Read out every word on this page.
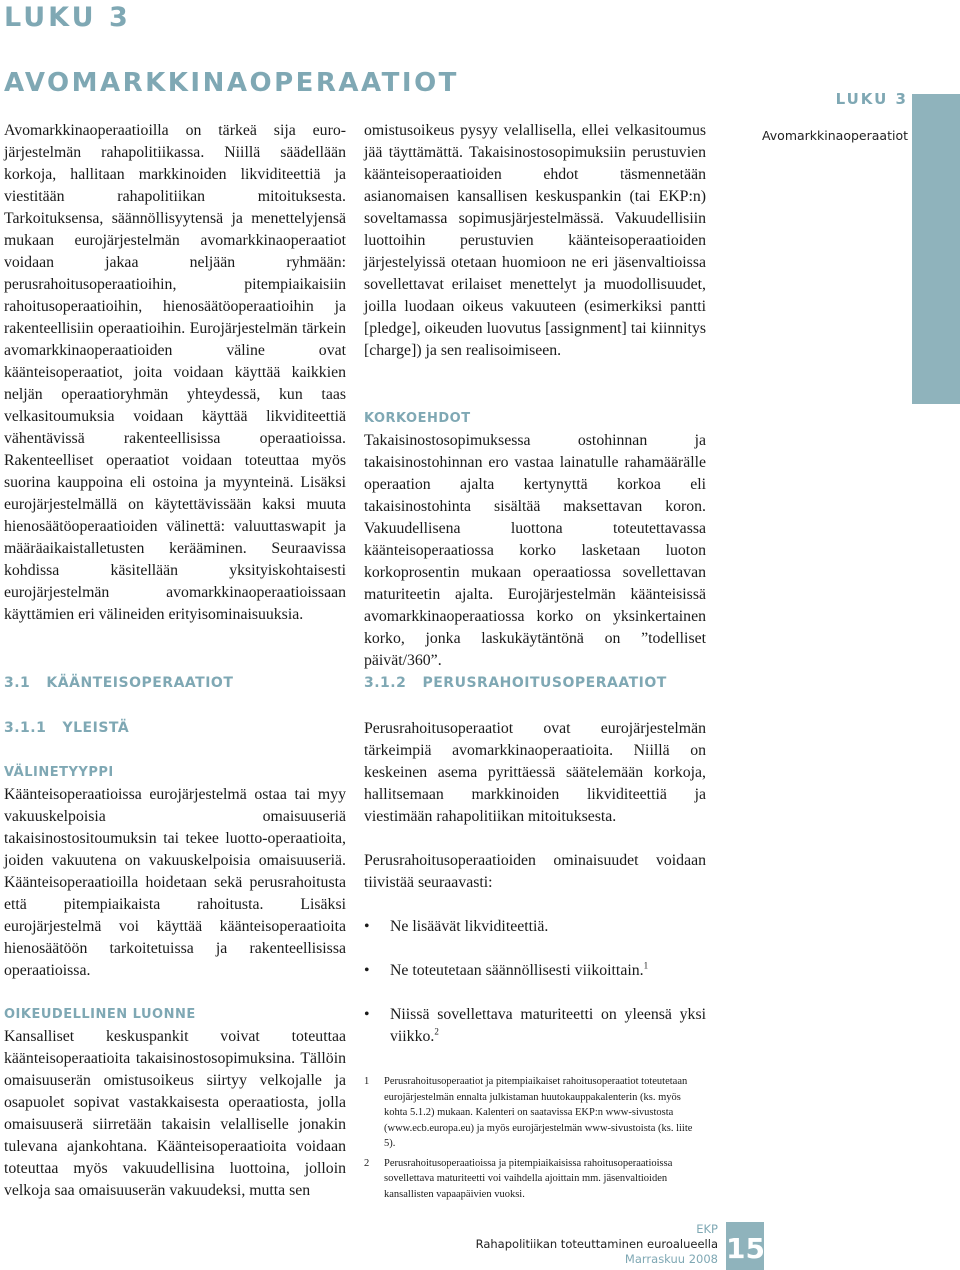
LUKU 3
AVOMARKKINAOPERAATIOT
LUKU 3
Avomarkkinaoperaatiot

Avomarkkinaoperaatioilla on tärkeä sija euro-järjestelmän rahapolitiikassa. Niillä säädellään korkoja, hallitaan markkinoiden likviditeettiä ja viestitään rahapolitiikan mitoituksesta. Tarkoituksensa, säännöllisyytensä ja menettelyjensä mukaan eurojärjestelmän avomarkkinaoperaatiot voidaan jakaa neljään ryhmään: perusrahoitusoperaatioihin, pitempiaikaisiin rahoitusoperaatioihin, hienosäätöoperaatioihin ja rakenteellisiin operaatioihin. Eurojärjestelmän tärkein avomarkkinaoperaatioiden väline ovat käänteisoperaatiot, joita voidaan käyttää kaikkien neljän operaatioryhmän yhteydessä, kun taas velkasitoumuksia voidaan käyttää likviditeettiä vähentävissä rakenteellisissa operaatioissa. Rakenteelliset operaatiot voidaan toteuttaa myös suorina kauppoina eli ostoina ja myynteinä. Lisäksi eurojärjestelmällä on käytettävissään kaksi muuta hienosäätöoperaatioiden välinettä: valuuttaswapit ja määräaikaistalletusten kerääminen. Seuraavissa kohdissa käsitellään yksityiskohtaisesti eurojärjestelmän avomarkkinaoperaatioissaan käyttämien eri välineiden erityisominaisuuksia.

omistusoikeus pysyy velallisella, ellei velkasitoumus jää täyttämättä. Takaisinostosopimuksiin perustuvien käänteisoperaatioiden ehdot täsmennetään asianomaisen kansallisen keskuspankin (tai EKP:n) soveltamassa sopimusjärjestelmässä. Vakuudellisiin luottoihin perustuvien käänteisoperaatioiden järjestelyissä otetaan huomioon ne eri jäsenvaltioissa sovellettavat erilaiset menettelyt ja muodollisuudet, joilla luodaan oikeus vakuuteen (esimerkiksi pantti [pledge], oikeuden luovutus [assignment] tai kiinnitys [charge]) ja sen realisoimiseen.

KORKOEHDOT

Takaisinostosopimuksessa ostohinnan ja takaisinostohinnan ero vastaa lainatulle rahamäärälle operaation ajalta kertynyttä korkoa eli takaisinostohinta sisältää maksettavan koron. Vakuudellisena luottona toteutettavassa käänteisoperaatiossa korko lasketaan luoton korkoprosentin mukaan operaatiossa sovellettavan maturiteetin ajalta. Eurojärjestelmän käänteisissä avomarkkinaoperaatiossa korko on yksinkertainen korko, jonka laskukäytäntönä on ”todelliset päivät/360”.

3.1   KÄÄNTEISOPERAATIOT
3.1.1   YLEISTÄ
3.1.2   PERUSRAHOITUSOPERAATIOT
VÄLINETYYPPI

Käänteisoperaatioissa eurojärjestelmä ostaa tai myy vakuuskelpoisia omaisuuseriä takaisinostositoumuksin tai tekee luotto-operaatioita, joiden vakuutena on vakuuskelpoisia omaisuuseriä. Käänteisoperaatioilla hoidetaan sekä perusrahoitusta että pitempiaikaista rahoitusta. Lisäksi eurojärjestelmä voi käyttää käänteisoperaatioita hienosäätöön tarkoitetuissa ja rakenteellisissa operaatioissa.

OIKEUDELLINEN LUONNE

Kansalliset keskuspankit voivat toteuttaa käänteisoperaatioita takaisinostosopimuksina. Tällöin omaisuuserän omistusoikeus siirtyy velkojalle ja osapuolet sopivat vastakkaisesta operaatiosta, jolla omaisuuserä siirretään takaisin velalliselle jonakin tulevana ajankohtana. Käänteisoperaatioita voidaan toteuttaa myös vakuudellisina luottoina, jolloin velkoja saa omaisuuserän vakuudeksi, mutta sen

Perusrahoitusoperaatiot ovat eurojärjestelmän tärkeimpiä avomarkkinaoperaatioita. Niillä on keskeinen asema pyrittäessä säätelemään korkoja, hallitsemaan markkinoiden likviditeettiä ja viestimään rahapolitiikan mitoituksesta.

Perusrahoitusoperaatioiden ominaisuudet voidaan tiivistää seuraavasti:

• Ne lisäävät likviditeettiä.
• Ne toteutetaan säännöllisesti viikoittain.$^1$
• Niissä sovellettava maturiteetti on yleensä yksi viikko.$^2$
1 Perusrahoitusoperaatiot ja pitempiaikaiset rahoitusoperaatiot toteutetaan eurojärjestelmän ennalta julkistaman huutokauppakalenterin (ks. myös kohta 5.1.2) mukaan. Kalenteri on saatavissa EKP:n www-sivustosta (www.ecb.europa.eu) ja myös eurojärjestelmän www-sivustoista (ks. liite 5).
2 Perusrahoitusoperaatioissa ja pitempiaikaisissa rahoitusoperaatioissa sovellettava maturiteetti voi vaihdella ajoittain mm. jäsenvaltioiden kansallisten vapaapäivien vuoksi.
EKP
Rahapolitiikan toteuttaminen euroalueella
Marraskuu 2008 15
